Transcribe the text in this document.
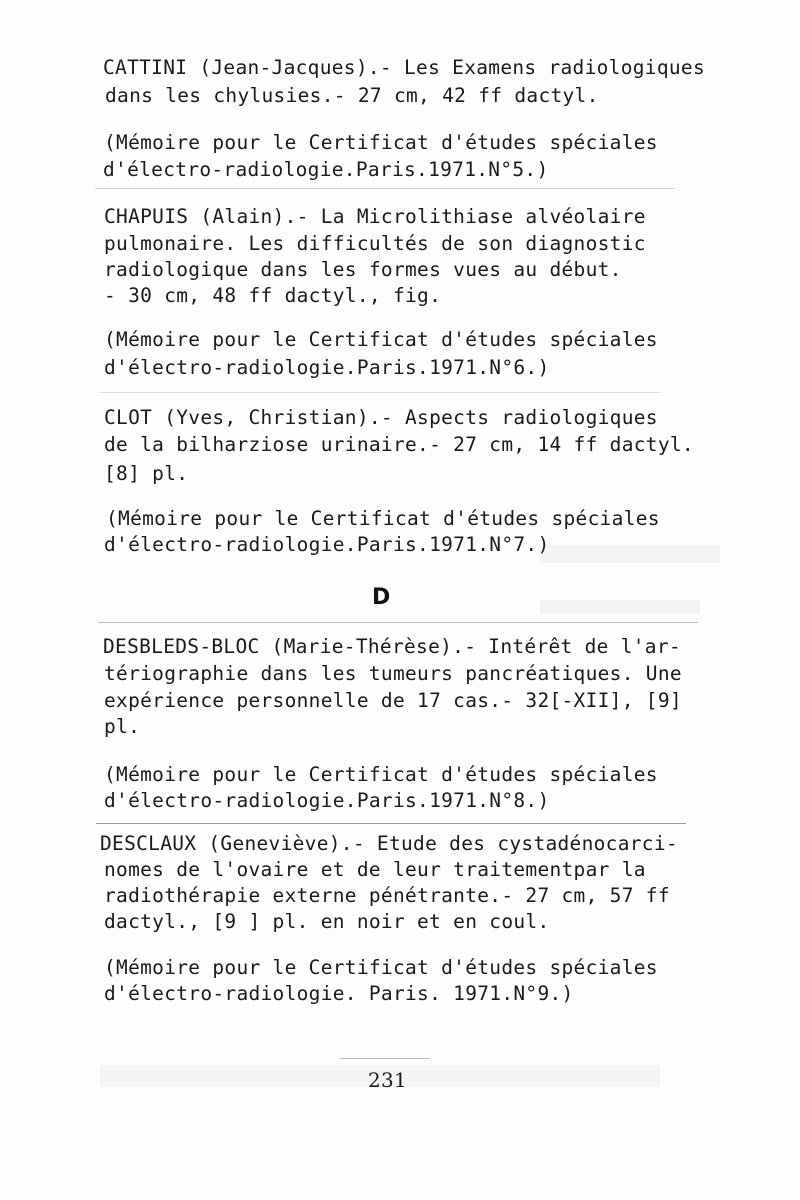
CATTINI (Jean-Jacques).- Les Examens radiologiques
dans les chylusies.- 27 cm, 42 ff dactyl.
(Mémoire pour le Certificat d'études spéciales
d'électro-radiologie.Paris.1971.N°5.)
CHAPUIS (Alain).- La Microlithiase alvéolaire
pulmonaire. Les difficultés de son diagnostic
radiologique dans les formes vues au début.
- 30 cm, 48 ff dactyl., fig.
(Mémoire pour le Certificat d'études spéciales
d'électro-radiologie.Paris.1971.N°6.)
CLOT (Yves, Christian).- Aspects radiologiques
de la bilharziose urinaire.- 27 cm, 14 ff dactyl.
[8] pl.
(Mémoire pour le Certificat d'études spéciales
d'électro-radiologie.Paris.1971.N°7.)
D
DESBLEDS-BLOC (Marie-Thérèse).- Intérêt de l'ar-
tériographie dans les tumeurs pancréatiques. Une
expérience personnelle de 17 cas.- 32[-XII], [9]
pl.
(Mémoire pour le Certificat d'études spéciales
d'électro-radiologie.Paris.1971.N°8.)
DESCLAUX (Geneviève).- Etude des cystadénocarci-
nomes de l'ovaire et de leur traitementpar la
radiothérapie externe pénétrante.- 27 cm, 57 ff
dactyl., [9 ] pl. en noir et en coul.
(Mémoire pour le Certificat d'études spéciales
d'électro-radiologie. Paris. 1971.N°9.)
231
